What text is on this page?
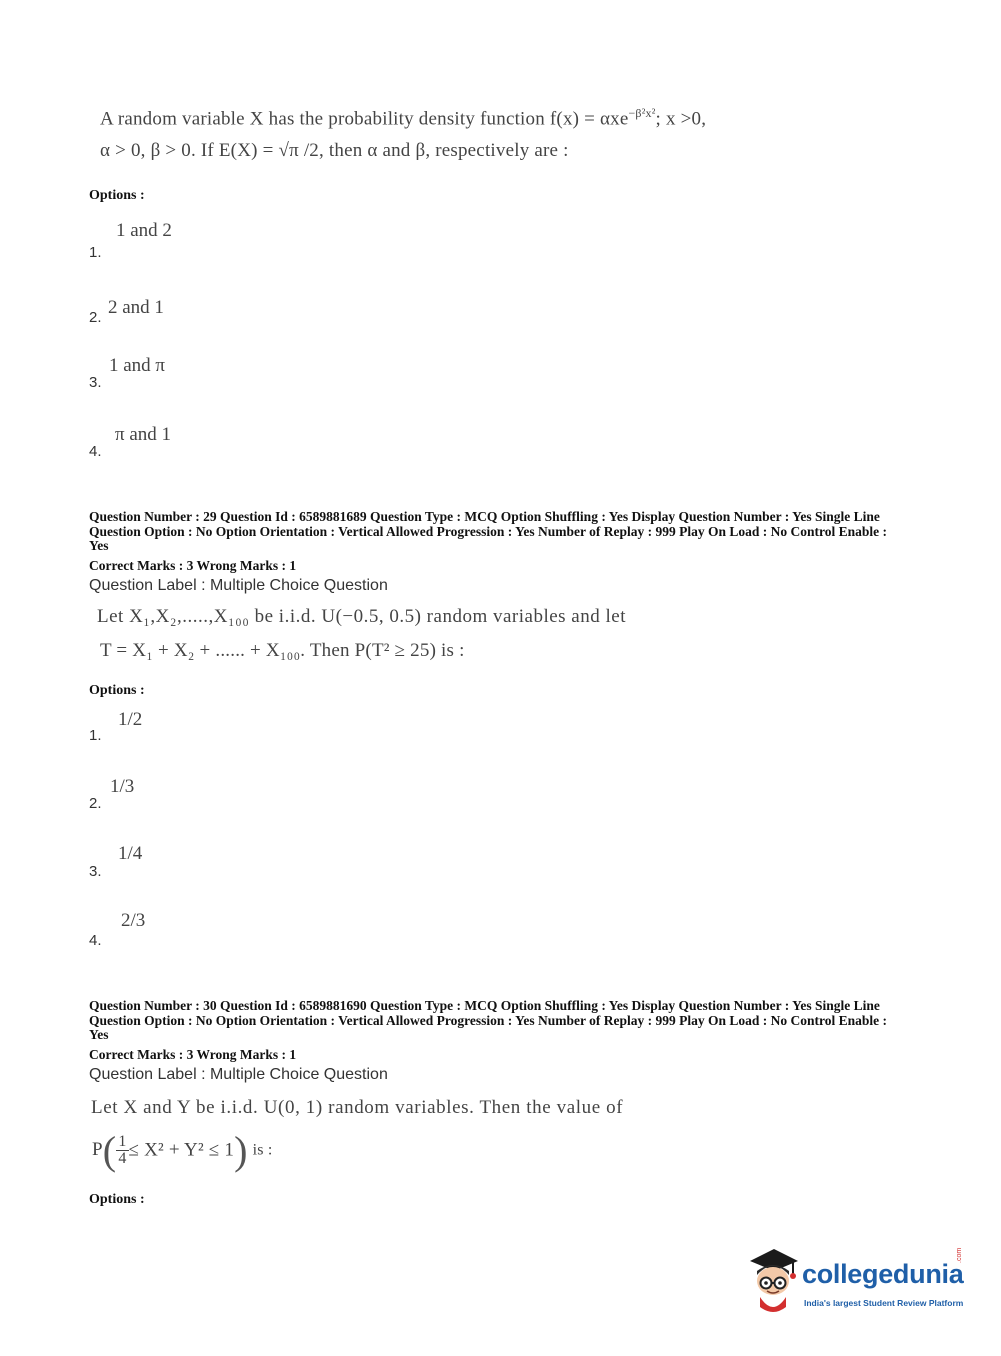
A random variable X has the probability density function f(x) = αxe$^{-\beta^2x^2}$; x >0,
α > 0, β > 0. If E(X) = √π /2, then α and β, respectively are :
Options :
1 and 2
1.
2 and 1
2.
1 and π
3.
π and 1
4.
Question Number : 29 Question Id : 6589881689 Question Type : MCQ Option Shuffling : Yes Display Question Number : Yes Single Line Question Option : No Option Orientation : Vertical Allowed Progression : Yes Number of Replay : 999 Play On Load : No Control Enable : Yes
Correct Marks : 3 Wrong Marks : 1
Question Label : Multiple Choice Question
Let X₁,X₂,.....,X₁₀₀ be i.i.d. U(−0.5, 0.5) random variables and let
T = X₁ + X₂ + ...... + X₁₀₀. Then P(T² ≥ 25) is :
Options :
1/2
1.
1/3
2.
1/4
3.
2/3
4.
Question Number : 30 Question Id : 6589881690 Question Type : MCQ Option Shuffling : Yes Display Question Number : Yes Single Line Question Option : No Option Orientation : Vertical Allowed Progression : Yes Number of Replay : 999 Play On Load : No Control Enable : Yes
Correct Marks : 3 Wrong Marks : 1
Question Label : Multiple Choice Question
Let X and Y be i.i.d. U(0, 1) random variables. Then the value of
$P( \frac{1}{4} \le X^2 + Y^2 \le 1)$ is :
Options :
collegedunia
.com
India's largest Student Review Platform
